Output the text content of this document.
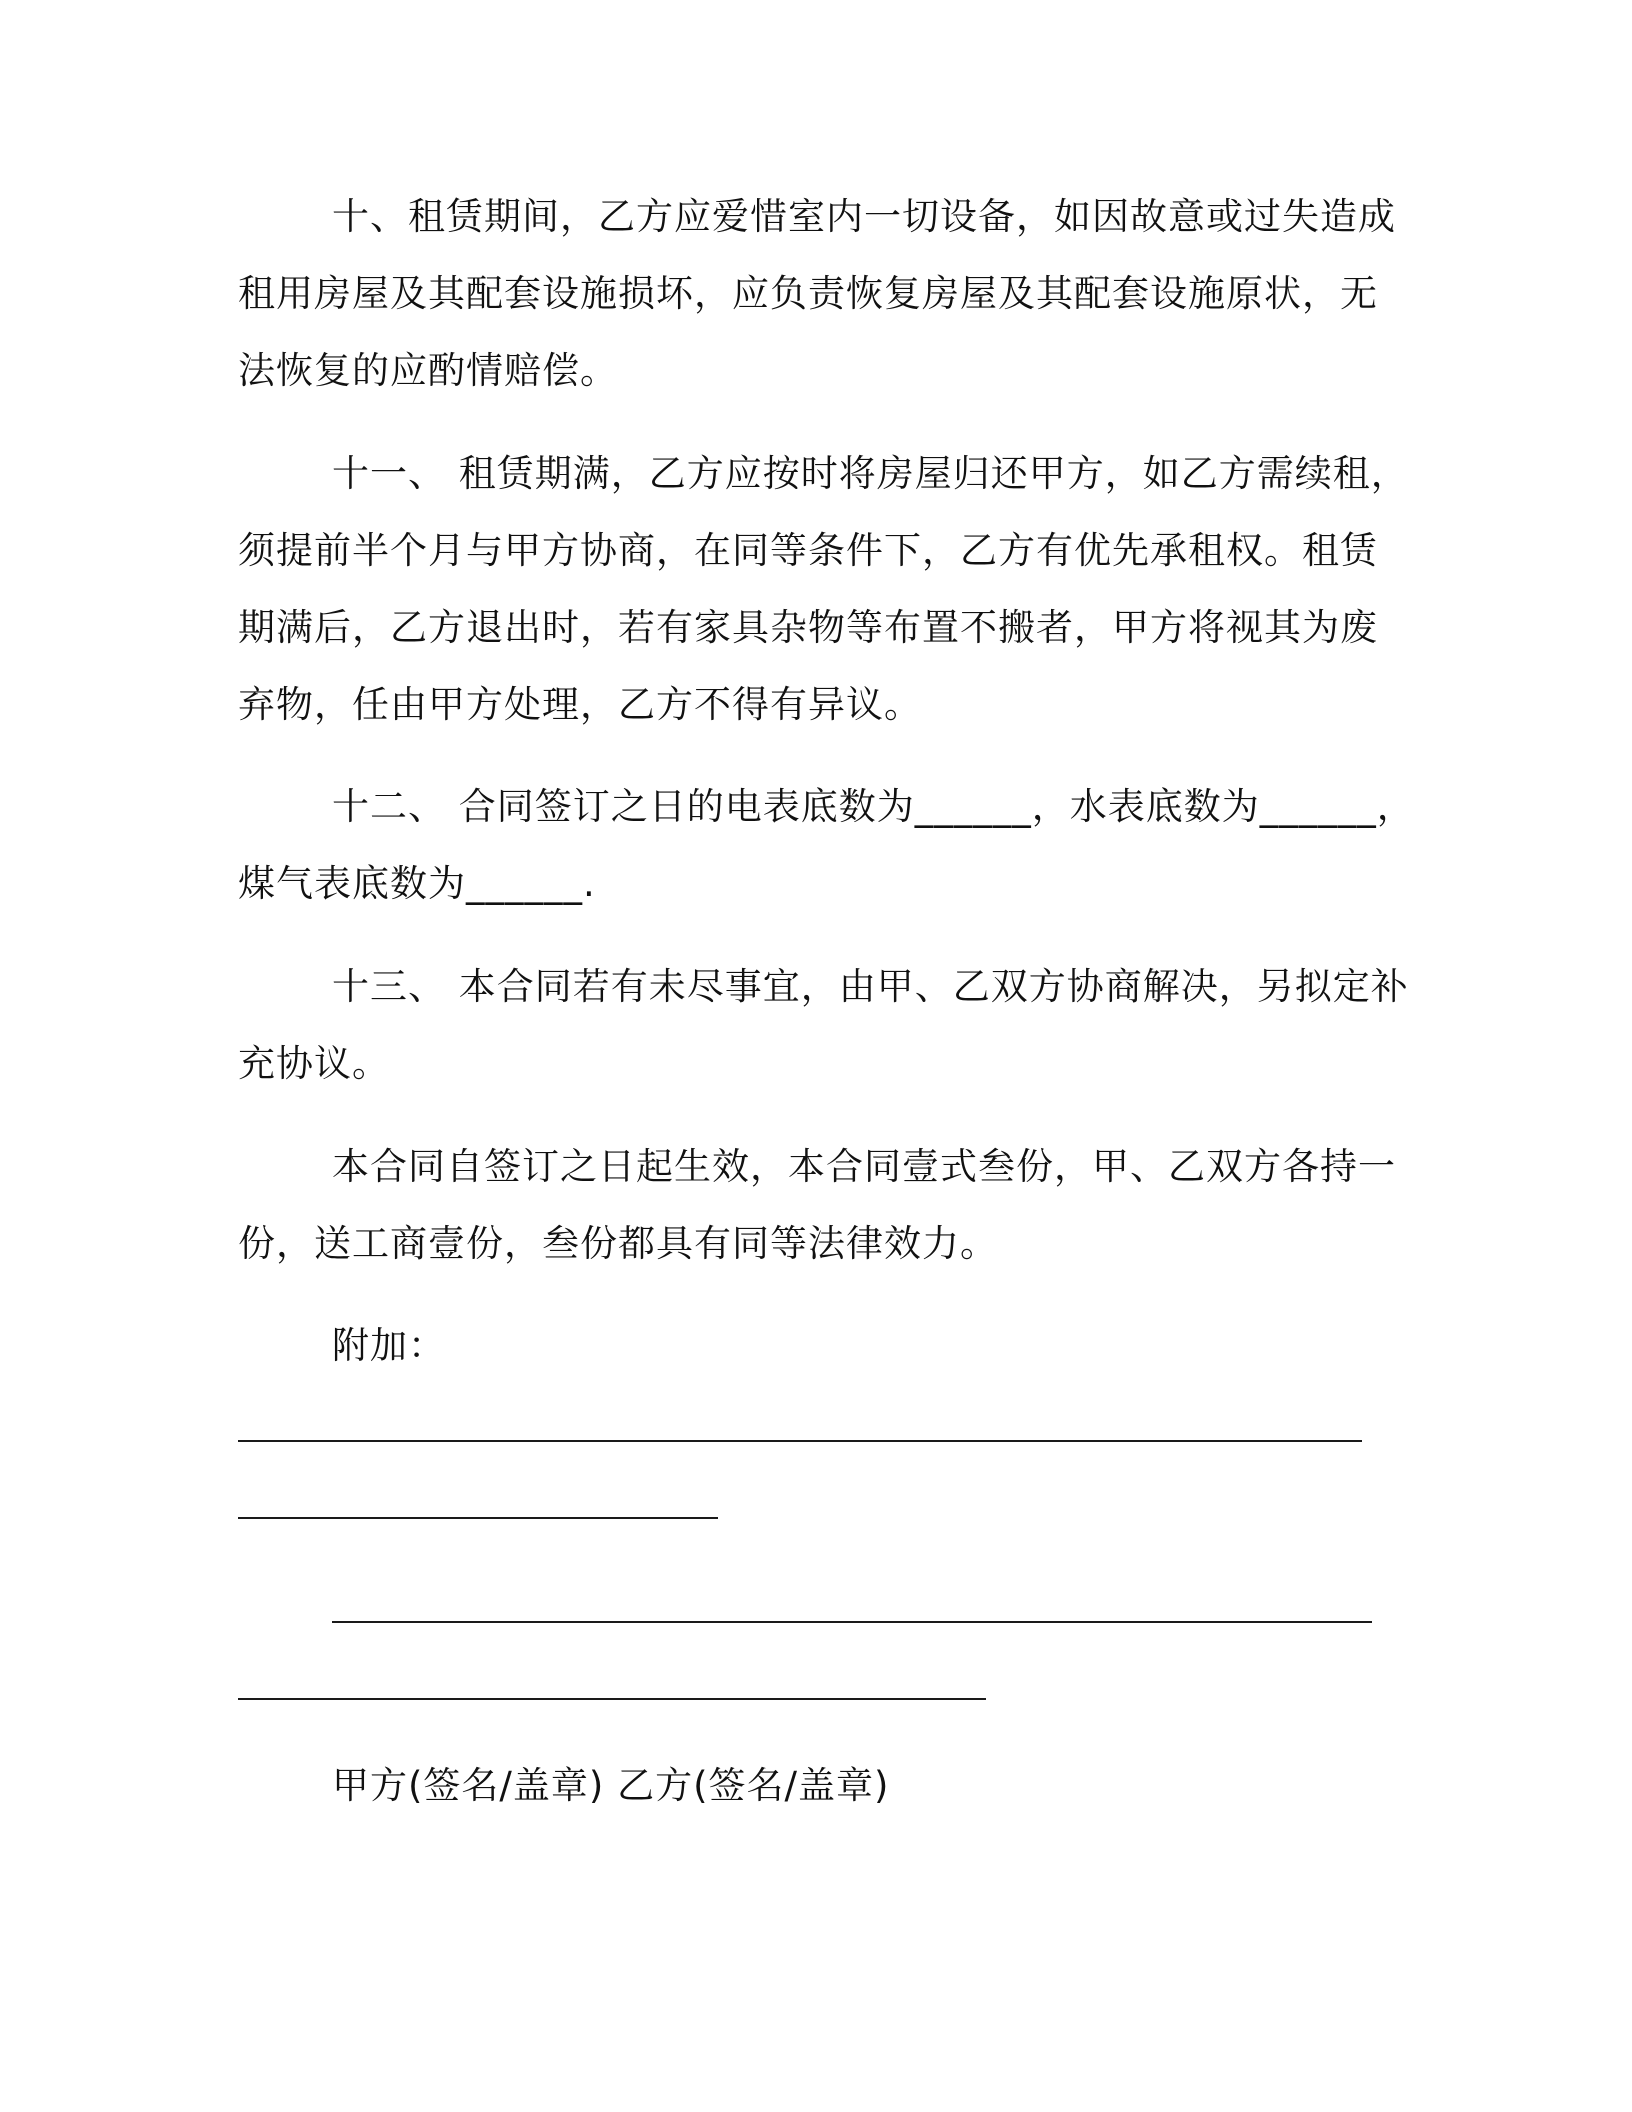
十、租赁期间，乙方应爱惜室内一切设备，如因故意或过失造成
租用房屋及其配套设施损坏，应负责恢复房屋及其配套设施原状，无
法恢复的应酌情赔偿。
十一、 租赁期满，乙方应按时将房屋归还甲方，如乙方需续租，
须提前半个月与甲方协商，在同等条件下，乙方有优先承租权。租赁
期满后，乙方退出时，若有家具杂物等布置不搬者，甲方将视其为废
弃物，任由甲方处理，乙方不得有异议。
十二、 合同签订之日的电表底数为______，水表底数为______，
煤气表底数为______.
十三、 本合同若有未尽事宜，由甲、乙双方协商解决，另拟定补
充协议。
本合同自签订之日起生效，本合同壹式叁份，甲、乙双方各持一
份，送工商壹份，叁份都具有同等法律效力。
附加：
甲方(签名/盖章) 乙方(签名/盖章)
